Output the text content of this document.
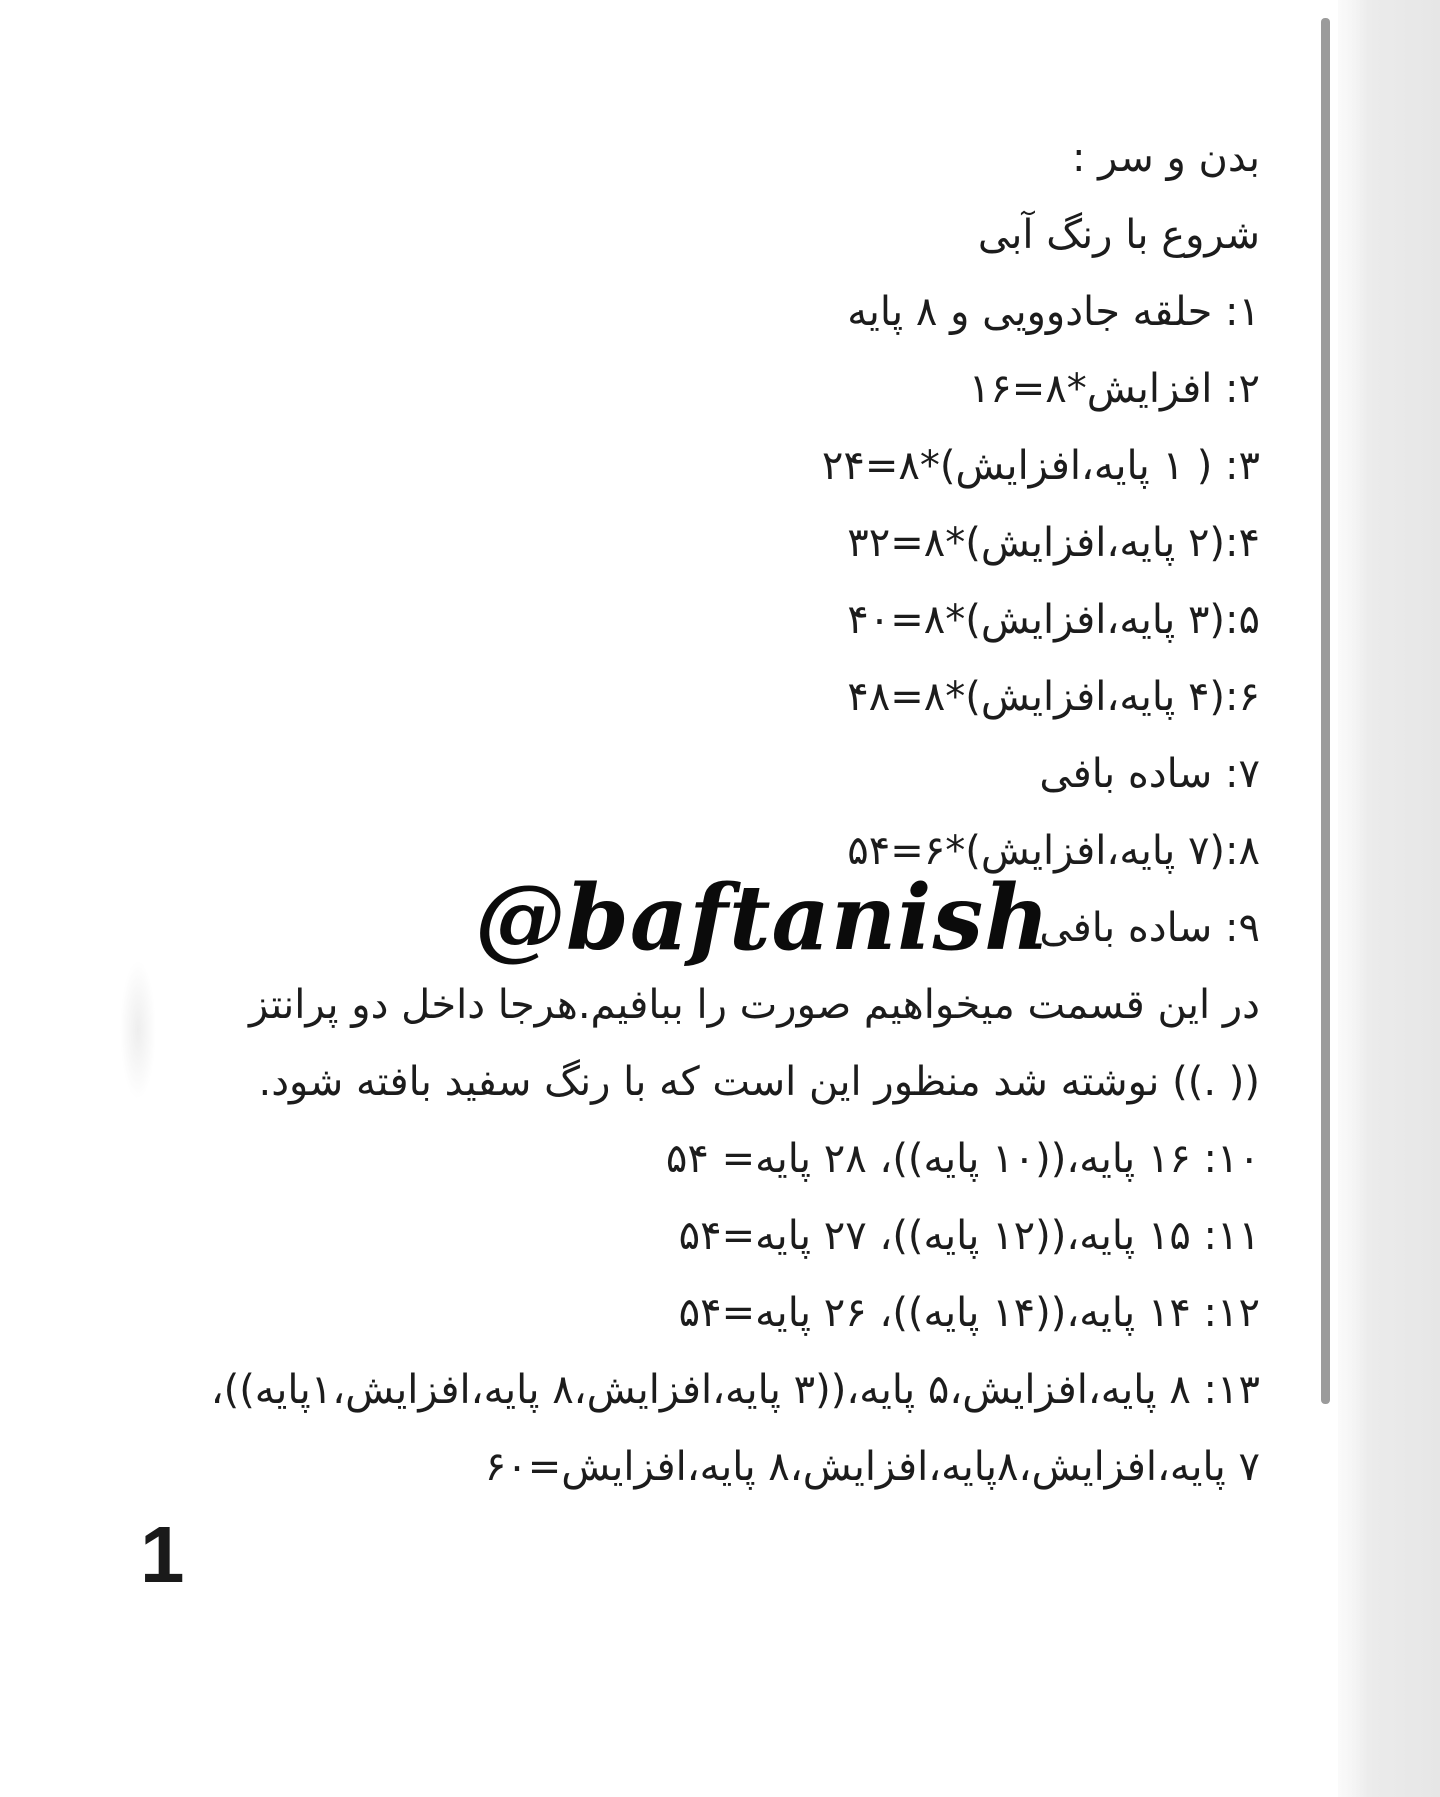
بدن و سر :
شروع با رنگ آبی
۱: حلقه جادوویی و ۸ پایه
۲: افزایش*۸=۱۶
۳: ( ۱ پایه،افزایش)*۸=۲۴
۴:(۲ پایه،افزایش)*۸=۳۲
۵:(۳ پایه،افزایش)*۸=۴۰
۶:(۴ پایه،افزایش)*۸=۴۸
۷: ساده بافی
۸:(۷ پایه،افزایش)*۶=۵۴
۹: ساده بافی
در این قسمت میخواهیم صورت را ببافیم.هرجا داخل دو پرانتز (( .)) نوشته شد منظور این است که با رنگ سفید بافته شود.
۱۰: ۱۶ پایه،((۱۰ پایه))، ۲۸ پایه= ۵۴
۱۱: ۱۵ پایه،((۱۲ پایه))، ۲۷ پایه=۵۴
۱۲: ۱۴ پایه،((۱۴ پایه))، ۲۶ پایه=۵۴
۱۳: ۸ پایه،افزایش،۵ پایه،((۳ پایه،افزایش،۸ پایه،افزایش،۱پایه))، ۷ پایه،افزایش،۸پایه،افزایش،۸ پایه،افزایش=۶۰
@baftanish
1
